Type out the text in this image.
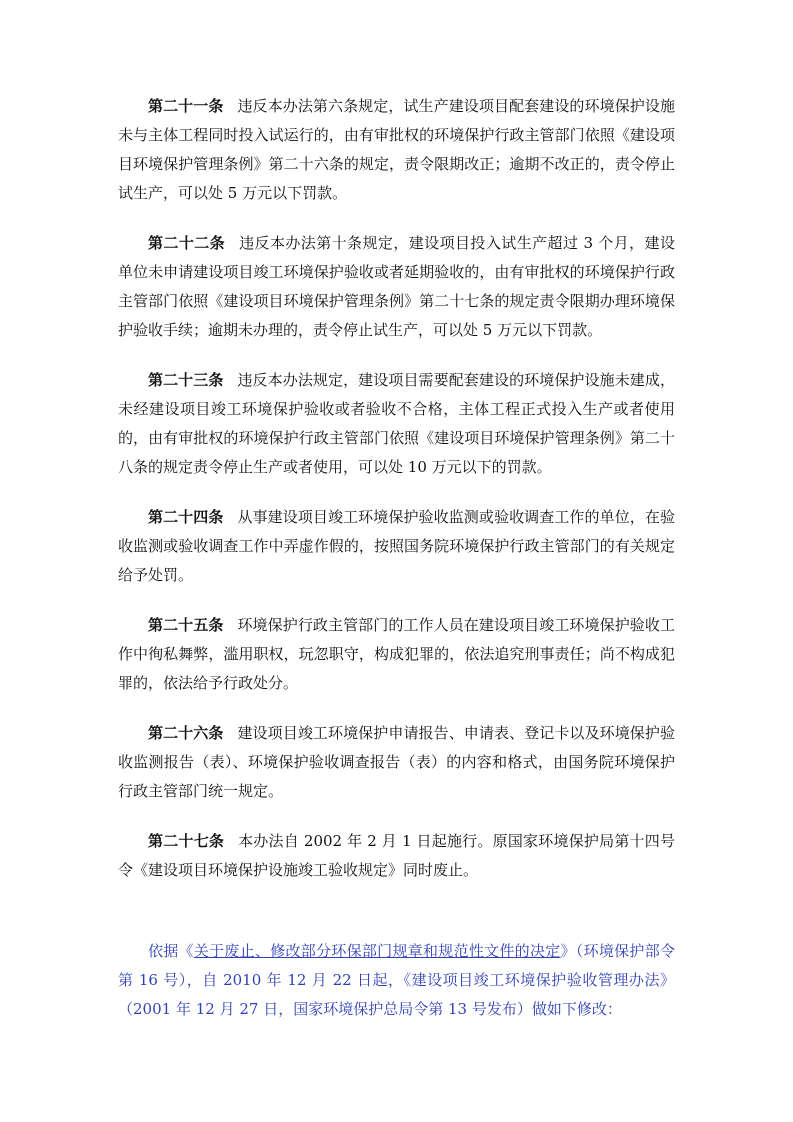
第二十一条 违反本办法第六条规定，试生产建设项目配套建设的环境保护设施未与主体工程同时投入试运行的，由有审批权的环境保护行政主管部门依照《建设项目环境保护管理条例》第二十六条的规定，责令限期改正；逾期不改正的，责令停止试生产，可以处 5 万元以下罚款。

第二十二条 违反本办法第十条规定，建设项目投入试生产超过 3 个月，建设单位未申请建设项目竣工环境保护验收或者延期验收的，由有审批权的环境保护行政主管部门依照《建设项目环境保护管理条例》第二十七条的规定责令限期办理环境保护验收手续；逾期未办理的，责令停止试生产，可以处 5 万元以下罚款。

第二十三条 违反本办法规定，建设项目需要配套建设的环境保护设施未建成，未经建设项目竣工环境保护验收或者验收不合格，主体工程正式投入生产或者使用的，由有审批权的环境保护行政主管部门依照《建设项目环境保护管理条例》第二十八条的规定责令停止生产或者使用，可以处 10 万元以下的罚款。

第二十四条 从事建设项目竣工环境保护验收监测或验收调查工作的单位，在验收监测或验收调查工作中弄虚作假的，按照国务院环境保护行政主管部门的有关规定给予处罚。

第二十五条 环境保护行政主管部门的工作人员在建设项目竣工环境保护验收工作中徇私舞弊，滥用职权，玩忽职守，构成犯罪的，依法追究刑事责任；尚不构成犯罪的，依法给予行政处分。

第二十六条 建设项目竣工环境保护申请报告、申请表、登记卡以及环境保护验收监测报告（表）、环境保护验收调查报告（表）的内容和格式，由国务院环境保护行政主管部门统一规定。

第二十七条 本办法自 2002 年 2 月 1 日起施行。原国家环境保护局第十四号令《建设项目环境保护设施竣工验收规定》同时废止。

依据《关于废止、修改部分环保部门规章和规范性文件的决定》（环境保护部令第 16 号），自 2010 年 12 月 22 日起，《建设项目竣工环境保护验收管理办法》（2001 年 12 月 27 日，国家环境保护总局令第 13 号发布）做如下修改：
